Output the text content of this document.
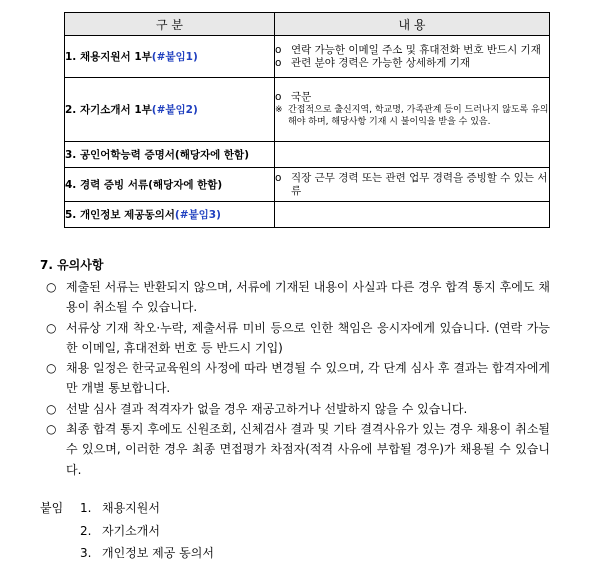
구 분	내 용
1. 채용지원서 1부(#붙임1)	o 연락 가능한 이메일 주소 및 휴대전화 번호 반드시 기재
o 관련 분야 경력은 가능한 상세하게 기재

2. 자기소개서 1부(#붙임2)	o 국문
※ 간접적으로 출신지역, 학교명, 가족관계 등이 드러나지 않도록 유의해야 하며, 해당사항 기재 시 불이익을 받을 수 있음.

3. 공인어학능력 증명서(해당자에 한함)	
4. 경력 증빙 서류(해당자에 한함)	o 직장 근무 경력 또는 관련 업무 경력을 증빙할 수 있는 서류

5. 개인정보 제공동의서(#붙임3)	
7. 유의사항
○ 제출된 서류는 반환되지 않으며, 서류에 기재된 내용이 사실과 다른 경우 합격 통지 후에도 채용이 취소될 수 있습니다.
○ 서류상 기재 착오·누락, 제출서류 미비 등으로 인한 책임은 응시자에게 있습니다. (연락 가능한 이메일, 휴대전화 번호 등 반드시 기입)
○ 채용 일정은 한국교육원의 사정에 따라 변경될 수 있으며, 각 단계 심사 후 결과는 합격자에게만 개별 통보합니다.
○ 선발 심사 결과 적격자가 없을 경우 재공고하거나 선발하지 않을 수 있습니다.
○ 최종 합격 통지 후에도 신원조회, 신체검사 결과 및 기타 결격사유가 있는 경우 채용이 취소될 수 있으며, 이러한 경우 최종 면접평가 차점자(적격 사유에 부합될 경우)가 채용될 수 있습니다.
붙임	1. 채용지원서
2. 자기소개서
3. 개인정보 제공 동의서
